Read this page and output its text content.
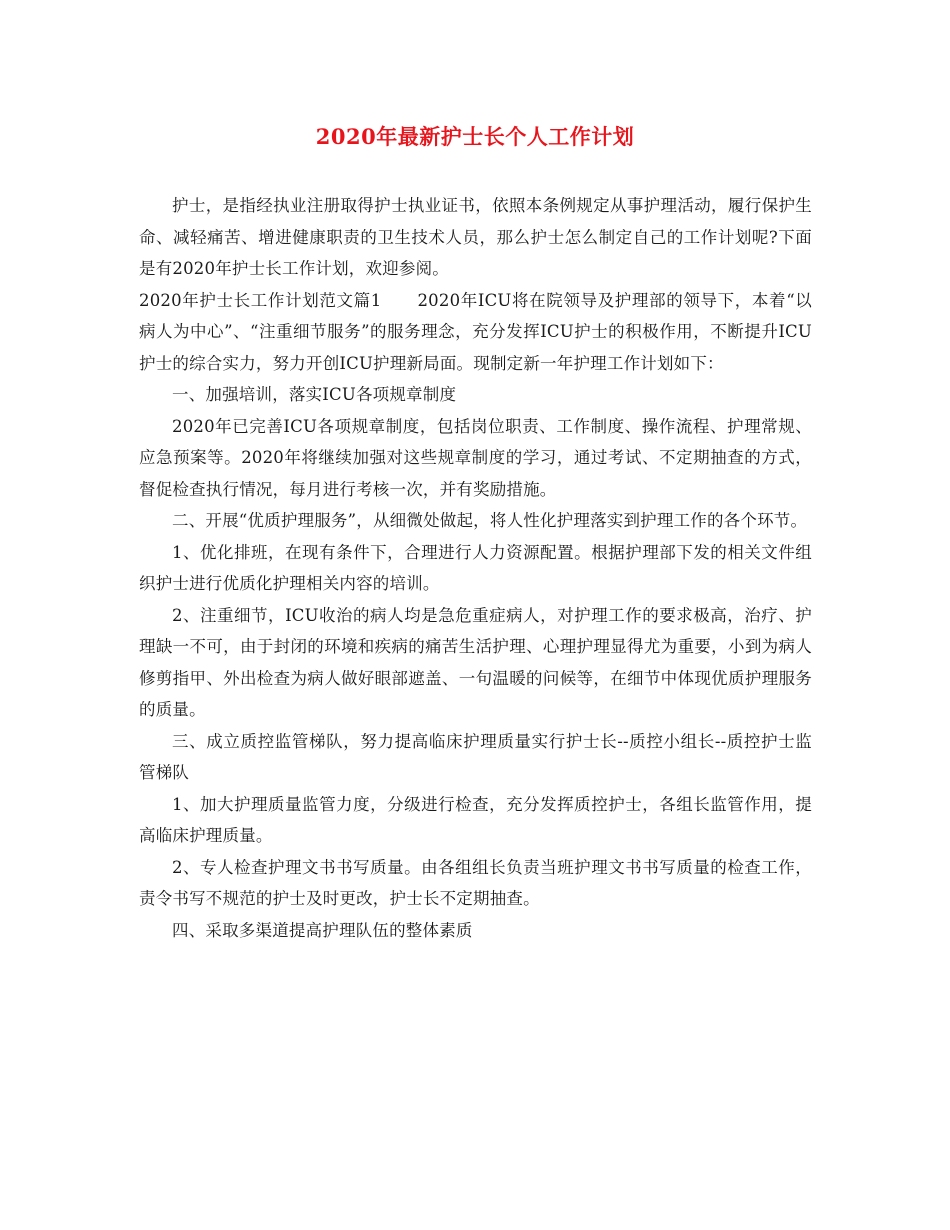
2020年最新护士长个人工作计划

护士，是指经执业注册取得护士执业证书，依照本条例规定从事护理活动，履行保护生命、减轻痛苦、增进健康职责的卫生技术人员，那么护士怎么制定自己的工作计划呢?下面是有2020年护士长工作计划，欢迎参阅。

2020年护士长工作计划范文篇1 2020年ICU将在院领导及护理部的领导下，本着“以病人为中心”、“注重细节服务”的服务理念，充分发挥ICU护士的积极作用，不断提升ICU护士的综合实力，努力开创ICU护理新局面。现制定新一年护理工作计划如下：

一、加强培训，落实ICU各项规章制度

2020年已完善ICU各项规章制度，包括岗位职责、工作制度、操作流程、护理常规、应急预案等。2020年将继续加强对这些规章制度的学习，通过考试、不定期抽查的方式，督促检查执行情况，每月进行考核一次，并有奖励措施。

二、开展“优质护理服务”，从细微处做起，将人性化护理落实到护理工作的各个环节。

1、优化排班，在现有条件下，合理进行人力资源配置。根据护理部下发的相关文件组织护士进行优质化护理相关内容的培训。

2、注重细节，ICU收治的病人均是急危重症病人，对护理工作的要求极高，治疗、护理缺一不可，由于封闭的环境和疾病的痛苦生活护理、心理护理显得尤为重要，小到为病人修剪指甲、外出检查为病人做好眼部遮盖、一句温暖的问候等，在细节中体现优质护理服务的质量。

三、成立质控监管梯队，努力提高临床护理质量实行护士长--质控小组长--质控护士监管梯队

1、加大护理质量监管力度，分级进行检查，充分发挥质控护士，各组长监管作用，提高临床护理质量。

2、专人检查护理文书书写质量。由各组组长负责当班护理文书书写质量的检查工作，责令书写不规范的护士及时更改，护士长不定期抽查。

四、采取多渠道提高护理队伍的整体素质
